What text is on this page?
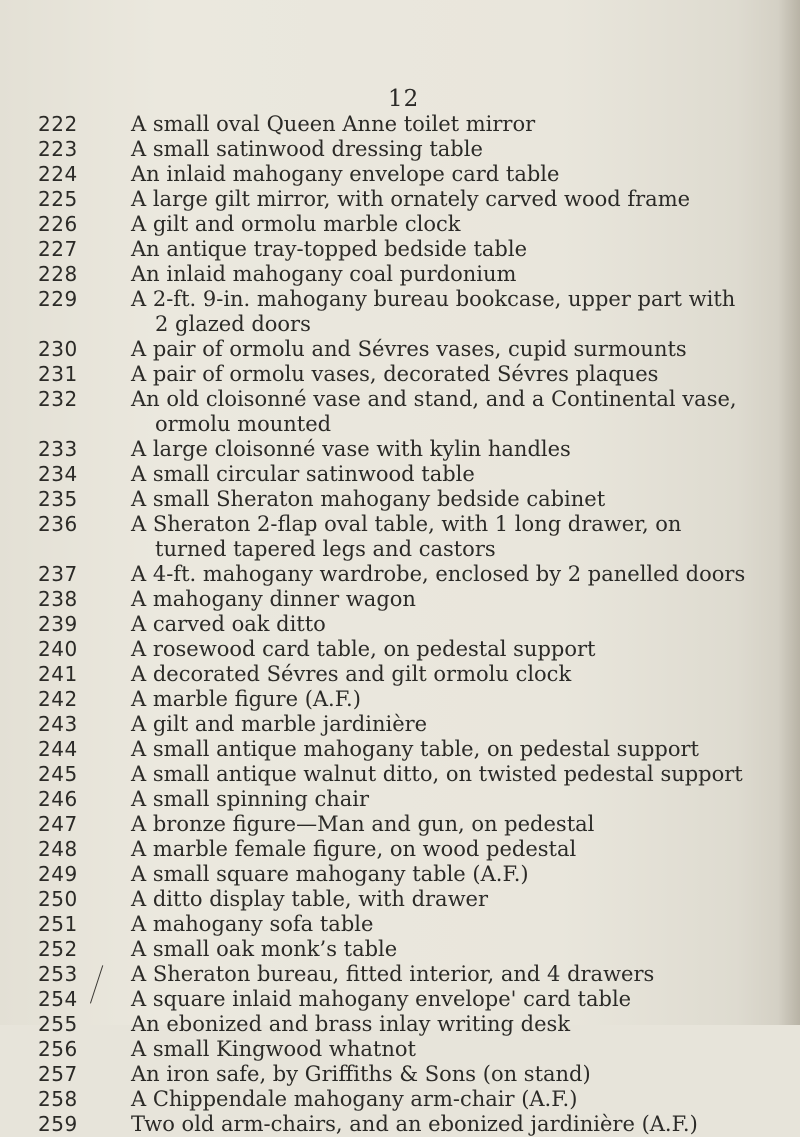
12
222	A small oval Queen Anne toilet mirror
223	A small satinwood dressing table
224	An inlaid mahogany envelope card table
225	A large gilt mirror, with ornately carved wood frame
226	A gilt and ormolu marble clock
227	An antique tray-topped bedside table
228	An inlaid mahogany coal purdonium
229	A 2-ft. 9-in. mahogany bureau bookcase, upper part with
2 glazed doors
230	A pair of ormolu and Sévres vases, cupid surmounts
231	A pair of ormolu vases, decorated Sévres plaques
232	An old cloisonné vase and stand, and a Continental vase,
ormolu mounted
233	A large cloisonné vase with kylin handles
234	A small circular satinwood table
235	A small Sheraton mahogany bedside cabinet
236	A Sheraton 2-flap oval table, with 1 long drawer, on
turned tapered legs and castors
237	A 4-ft. mahogany wardrobe, enclosed by 2 panelled doors
238	A mahogany dinner wagon
239	A carved oak ditto
240	A rosewood card table, on pedestal support
241	A decorated Sévres and gilt ormolu clock
242	A marble figure (A.F.)
243	A gilt and marble jardinière
244	A small antique mahogany table, on pedestal support
245	A small antique walnut ditto, on twisted pedestal support
246	A small spinning chair
247	A bronze figure—Man and gun, on pedestal
248	A marble female figure, on wood pedestal
249	A small square mahogany table (A.F.)
250	A ditto display table, with drawer
251	A mahogany sofa table
252	A small oak monk’s table
253	A Sheraton bureau, fitted interior, and 4 drawers
254	A square inlaid mahogany envelope' card table
255	An ebonized and brass inlay writing desk
256	A small Kingwood whatnot
257	An iron safe, by Griffiths & Sons (on stand)
258	A Chippendale mahogany arm-chair (A.F.)
259	Two old arm-chairs, and an ebonized jardinière (A.F.)
